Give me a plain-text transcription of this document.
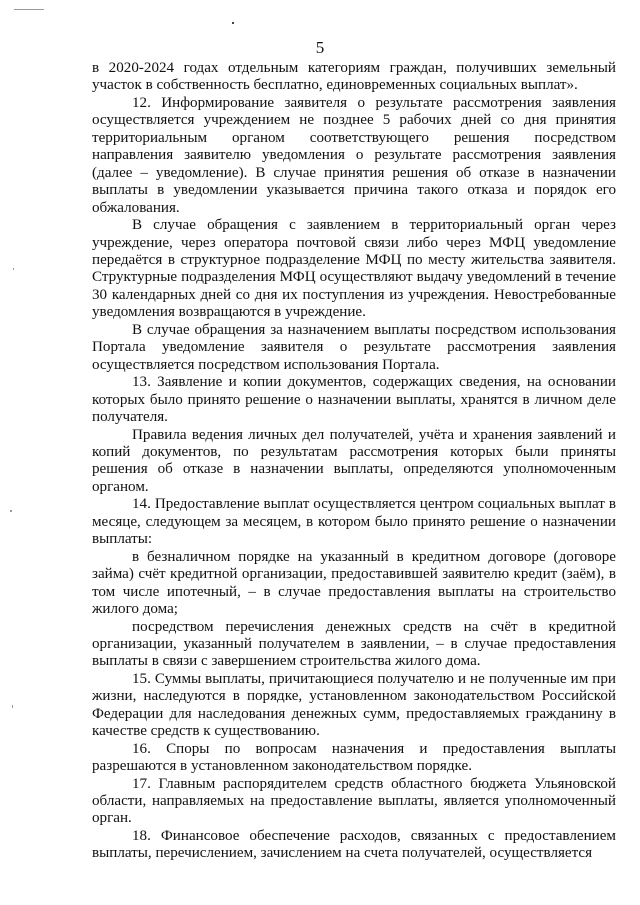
5

в 2020-2024 годах отдельным категориям граждан, получивших земельный участок в собственность бесплатно, единовременных социальных выплат».

12. Информирование заявителя о результате рассмотрения заявления осуществляется учреждением не позднее 5 рабочих дней со дня принятия территориальным органом соответствующего решения посредством направления заявителю уведомления о результате рассмотрения заявления (далее – уведомление). В случае принятия решения об отказе в назначении выплаты в уведомлении указывается причина такого отказа и порядок его обжалования.

В случае обращения с заявлением в территориальный орган через учреждение, через оператора почтовой связи либо через МФЦ уведомление передаётся в структурное подразделение МФЦ по месту жительства заявителя. Структурные подразделения МФЦ осуществляют выдачу уведомлений в течение 30 календарных дней со дня их поступления из учреждения. Невостребованные уведомления возвращаются в учреждение.

В случае обращения за назначением выплаты посредством использования Портала уведомление заявителя о результате рассмотрения заявления осуществляется посредством использования Портала.

13. Заявление и копии документов, содержащих сведения, на основании которых было принято решение о назначении выплаты, хранятся в личном деле получателя.

Правила ведения личных дел получателей, учёта и хранения заявлений и копий документов, по результатам рассмотрения которых были приняты решения об отказе в назначении выплаты, определяются уполномоченным органом.

14. Предоставление выплат осуществляется центром социальных выплат в месяце, следующем за месяцем, в котором было принято решение о назначении выплаты:

в безналичном порядке на указанный в кредитном договоре (договоре займа) счёт кредитной организации, предоставившей заявителю кредит (заём), в том числе ипотечный, – в случае предоставления выплаты на строительство жилого дома;

посредством перечисления денежных средств на счёт в кредитной организации, указанный получателем в заявлении, – в случае предоставления выплаты в связи с завершением строительства жилого дома.

15. Суммы выплаты, причитающиеся получателю и не полученные им при жизни, наследуются в порядке, установленном законодательством Российской Федерации для наследования денежных сумм, предоставляемых гражданину в качестве средств к существованию.

16. Споры по вопросам назначения и предоставления выплаты разрешаются в установленном законодательством порядке.

17. Главным распорядителем средств областного бюджета Ульяновской области, направляемых на предоставление выплаты, является уполномоченный орган.

18. Финансовое обеспечение расходов, связанных с предоставлением выплаты, перечислением, зачислением на счета получателей, осуществляется
